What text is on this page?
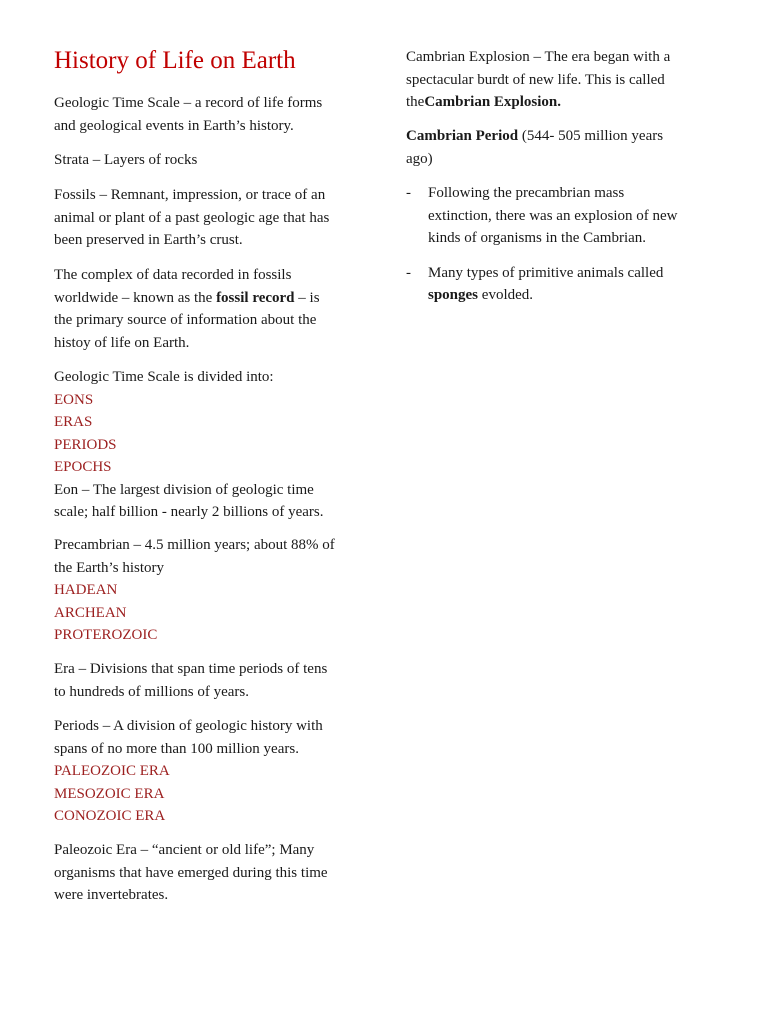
History of Life on Earth
Geologic Time Scale – a record of life forms
and geological events in Earth’s history.
Strata – Layers of rocks
Fossils – Remnant, impression, or trace of an
animal or plant of a past geologic age that has
been preserved in Earth’s crust.
The complex of data recorded in fossils
worldwide – known as the fossil record – is
the primary source of information about the
histoy of life on Earth.
Geologic Time Scale is divided into:
EONS
ERAS
PERIODS
EPOCHS
Eon – The largest division of geologic time
scale; half billion - nearly 2 billions of years.
Precambrian – 4.5 million years; about 88% of
the Earth’s history
HADEAN
ARCHEAN
PROTEROZOIC
Era – Divisions that span time periods of tens
to hundreds of millions of years.
Periods – A division of geologic history with
spans of no more than 100 million years.
PALEOZOIC ERA
MESOZOIC ERA
CONOZOIC ERA
Paleozoic Era – “ancient or old life”; Many
organisms that have emerged during this time
were invertebrates.
Cambrian Explosion – The era began with a
spectacular burdt of new life. This is called
theCambrian Explosion.
Cambrian Period (544- 505 million years
ago)
- Following the precambrian mass
extinction, there was an explosion of new
kinds of organisms in the Cambrian.
- Many types of primitive animals called
sponges evolded.
